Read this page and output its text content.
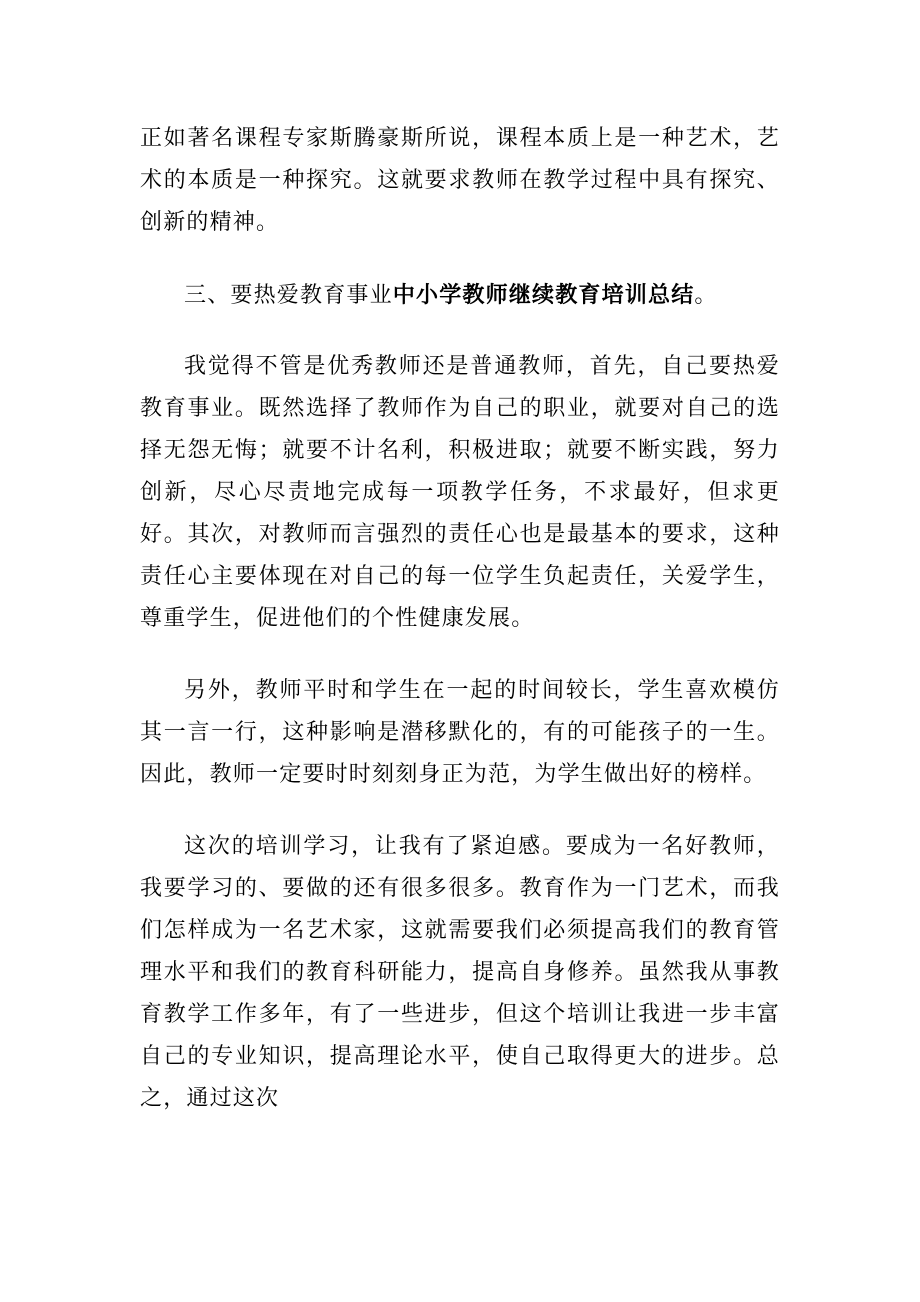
正如著名课程专家斯腾豪斯所说，课程本质上是一种艺术，艺术的本质是一种探究。这就要求教师在教学过程中具有探究、创新的精神。

三、要热爱教育事业中小学教师继续教育培训总结。

我觉得不管是优秀教师还是普通教师，首先，自己要热爱教育事业。既然选择了教师作为自己的职业，就要对自己的选择无怨无悔；就要不计名利，积极进取；就要不断实践，努力创新，尽心尽责地完成每一项教学任务，不求最好，但求更好。其次，对教师而言强烈的责任心也是最基本的要求，这种责任心主要体现在对自己的每一位学生负起责任，关爱学生，尊重学生，促进他们的个性健康发展。

另外，教师平时和学生在一起的时间较长，学生喜欢模仿其一言一行，这种影响是潜移默化的，有的可能孩子的一生。因此，教师一定要时时刻刻身正为范，为学生做出好的榜样。

这次的培训学习，让我有了紧迫感。要成为一名好教师，我要学习的、要做的还有很多很多。教育作为一门艺术，而我们怎样成为一名艺术家，这就需要我们必须提高我们的教育管理水平和我们的教育科研能力，提高自身修养。虽然我从事教育教学工作多年，有了一些进步，但这个培训让我进一步丰富自己的专业知识，提高理论水平，使自己取得更大的进步。总之，通过这次
